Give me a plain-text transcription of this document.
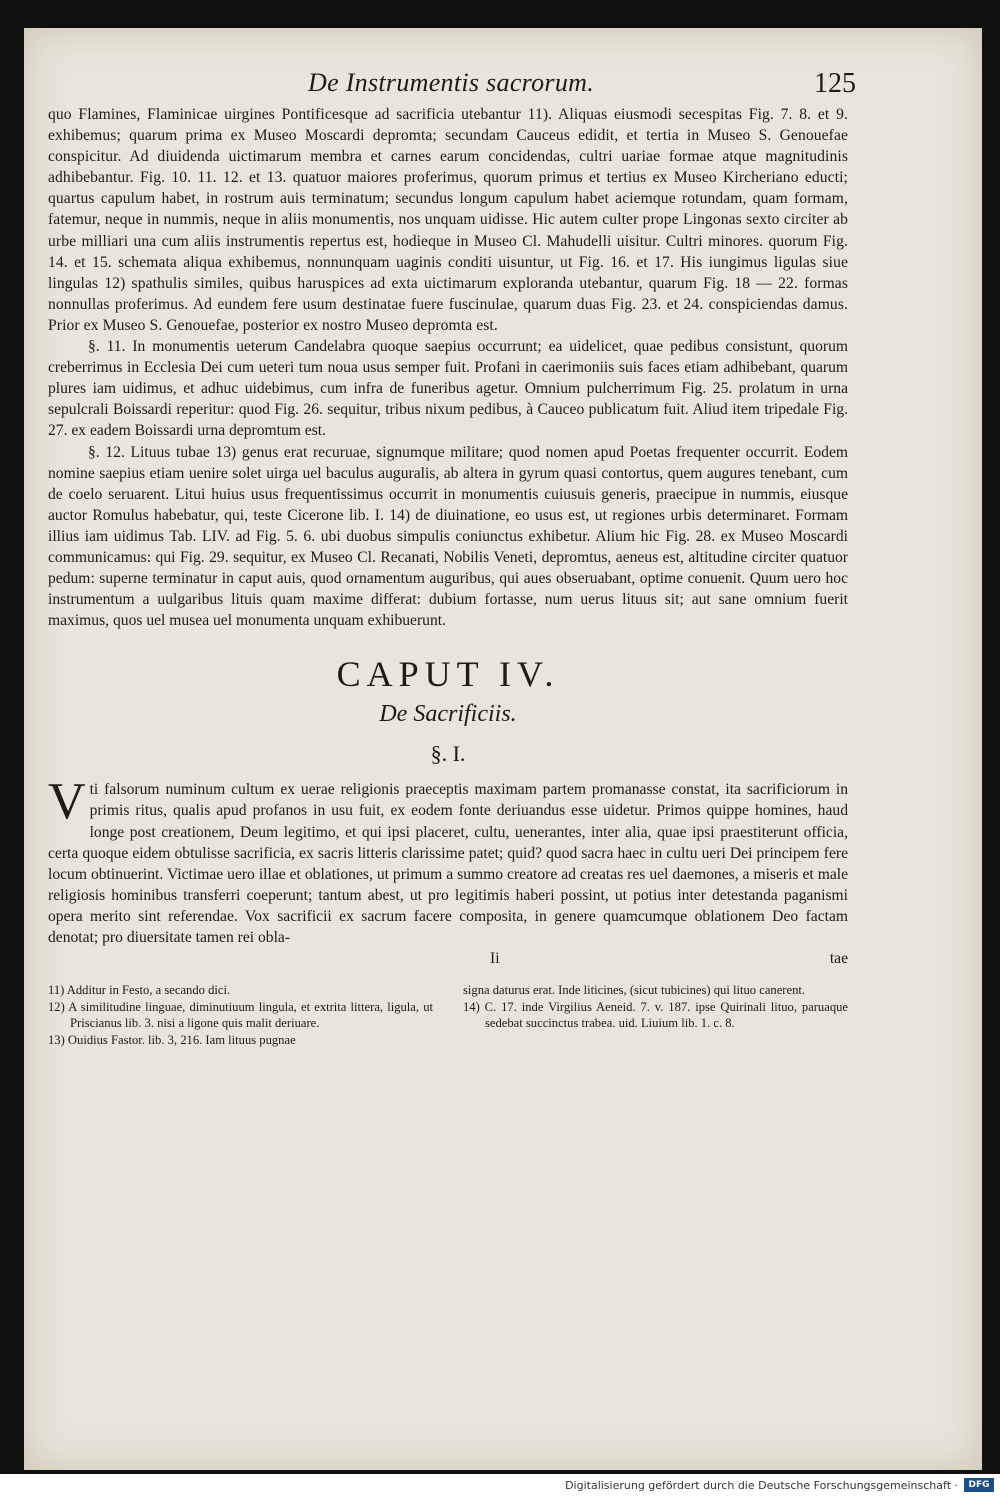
De Instrumentis sacrorum.	125

quo Flamines, Flaminicae uirgines Pontificesque ad sacrificia utebantur 11). Aliquas eiusmodi secespitas Fig. 7. 8. et 9. exhibemus; quarum prima ex Museo Moscardi depromta; secundam Cauceus edidit, et tertia in Museo S. Genouefae conspicitur. Ad diuidenda uictimarum membra et carnes earum concidendas, cultri uariae formae atque magnitudinis adhibebantur. Fig. 10. 11. 12. et 13. quatuor maiores proferimus, quorum primus et tertius ex Museo Kircheriano educti; quartus capulum habet, in rostrum auis terminatum; secundus longum capulum habet aciemque rotundam, quam formam, fatemur, neque in nummis, neque in aliis monumentis, nos unquam uidisse. Hic autem culter prope Lingonas sexto circiter ab urbe milliari una cum aliis instrumentis repertus est, hodieque in Museo Cl. Mahudelli uisitur. Cultri minores. quorum Fig. 14. et 15. schemata aliqua exhibemus, nonnunquam uaginis conditi uisuntur, ut Fig. 16. et 17. His iungimus ligulas siue lingulas 12) spathulis similes, quibus haruspices ad exta uictimarum exploranda utebantur, quarum Fig. 18 — 22. formas nonnullas proferimus. Ad eundem fere usum destinatae fuere fuscinulae, quarum duas Fig. 23. et 24. conspiciendas damus. Prior ex Museo S. Genouefae, posterior ex nostro Museo depromta est.

§. 11. In monumentis ueterum Candelabra quoque saepius occurrunt; ea uidelicet, quae pedibus consistunt, quorum creberrimus in Ecclesia Dei cum ueteri tum noua usus semper fuit. Profani in caerimoniis suis faces etiam adhibebant, quarum plures iam uidimus, et adhuc uidebimus, cum infra de funeribus agetur. Omnium pulcherrimum Fig. 25. prolatum in urna sepulcrali Boissardi reperitur: quod Fig. 26. sequitur, tribus nixum pedibus, à Cauceo publicatum fuit. Aliud item tripedale Fig. 27. ex eadem Boissardi urna depromtum est.

§. 12. Lituus tubae 13) genus erat recuruae, signumque militare; quod nomen apud Poetas frequenter occurrit. Eodem nomine saepius etiam uenire solet uirga uel baculus auguralis, ab altera in gyrum quasi contortus, quem augures tenebant, cum de coelo seruarent. Litui huius usus frequentissimus occurrit in monumentis cuiusuis generis, praecipue in nummis, eiusque auctor Romulus habebatur, qui, teste Cicerone lib. I. 14) de diuinatione, eo usus est, ut regiones urbis determinaret. Formam illius iam uidimus Tab. LIV. ad Fig. 5. 6. ubi duobus simpulis coniunctus exhibetur. Alium hic Fig. 28. ex Museo Moscardi communicamus: qui Fig. 29. sequitur, ex Museo Cl. Recanati, Nobilis Veneti, depromtus, aeneus est, altitudine circiter quatuor pedum: superne terminatur in caput auis, quod ornamentum auguribus, qui aues obseruabant, optime conuenit. Quum uero hoc instrumentum a uulgaribus lituis quam maxime differat: dubium fortasse, num uerus lituus sit; aut sane omnium fuerit maximus, quos uel musea uel monumenta unquam exhibuerunt.

CAPUT IV.
De Sacrificiis.
§. I.

Vti falsorum numinum cultum ex uerae religionis praeceptis maximam partem promanasse constat, ita sacrificiorum in primis ritus, qualis apud profanos in usu fuit, ex eodem fonte deriuandus esse uidetur. Primos quippe homines, haud longe post creationem, Deum legitimo, et qui ipsi placeret, cultu, uenerantes, inter alia, quae ipsi praestiterunt officia, certa quoque eidem obtulisse sacrificia, ex sacris litteris clarissime patet; quid? quod sacra haec in cultu ueri Dei principem fere locum obtinuerint. Victimae uero illae et oblationes, ut primum a summo creatore ad creatas res uel daemones, a miseris et male religiosis hominibus transferri coeperunt; tantum abest, ut pro legitimis haberi possint, ut potius inter detestanda paganismi opera merito sint referendae. Vox sacrificii ex sacrum facere composita, in genere quamcumque oblationem Deo factam denotat; pro diuersitate tamen rei obla-

Ii	tae

11) Additur in Festo, a secando dici.

12) A similitudine linguae, diminutiuum lingula, et extrita littera, ligula, ut Priscianus lib. 3. nisi a ligone quis malit deriuare.

13) Ouidius Fastor. lib. 3, 216. Iam lituus pugnae

signa daturus erat. Inde liticines, (sicut tubicines) qui lituo canerent.

14) C. 17. inde Virgilius Aeneid. 7. v. 187. ipse Quirinali lituo, paruaque sedebat succinctus trabea. uid. Liuium lib. 1. c. 8.

Digitalisierung gefördert durch die Deutsche Forschungsgemeinschaft ·	DFG
